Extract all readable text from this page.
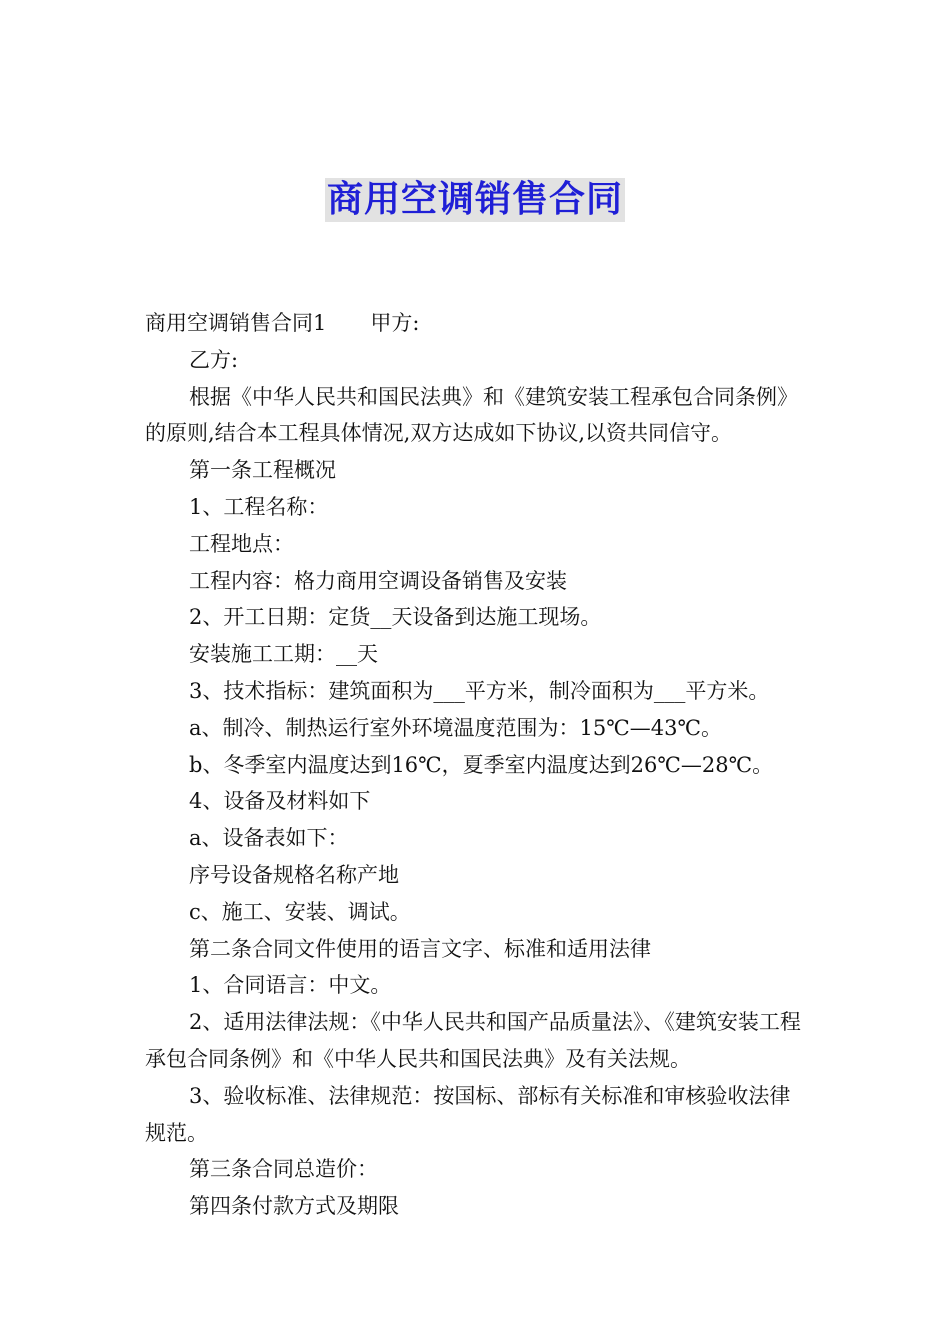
商用空调销售合同

商用空调销售合同1 甲方:

乙方:

根据《中华人民共和国民法典》和《建筑安装工程承包合同条例》的原则,结合本工程具体情况,双方达成如下协议,以资共同信守。

第一条工程概况

1、工程名称：

工程地点：

工程内容：格力商用空调设备销售及安装

2、开工日期：定货__天设备到达施工现场。

安装施工工期：__天

3、技术指标：建筑面积为___平方米，制冷面积为___平方米。

a、制冷、制热运行室外环境温度范围为：15℃—43℃。

b、冬季室内温度达到16℃，夏季室内温度达到26℃—28℃。

4、设备及材料如下

a、设备表如下：

序号设备规格名称产地

c、施工、安装、调试。

第二条合同文件使用的语言文字、标准和适用法律

1、合同语言：中文。

2、适用法律法规：《中华人民共和国产品质量法》、《建筑安装工程承包合同条例》和《中华人民共和国民法典》及有关法规。

3、验收标准、法律规范：按国标、部标有关标准和审核验收法律规范。

第三条合同总造价：

第四条付款方式及期限
